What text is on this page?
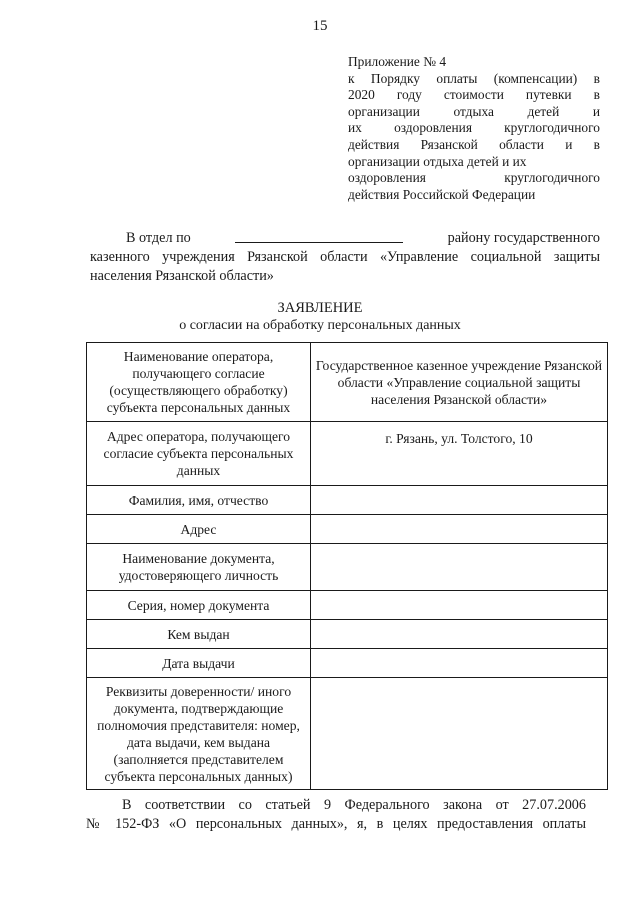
15
Приложение № 4
к Порядку оплаты (компенсации) в
2020 году стоимости путевки в
организации отдыха детей и
их оздоровления круглогодичного
действия Рязанской области и в
организации отдыха детей и их
оздоровления круглогодичного
действия Российской Федерации
В отдел по	району государственного
казенного учреждения Рязанской области «Управление социальной защиты населения Рязанской области»
ЗАЯВЛЕНИЕ
о согласии на обработку персональных данных
Наименование оператора, получающего согласие (осуществляющего обработку) субъекта персональных данных	Государственное казенное учреждение Рязанской области «Управление социальной защиты населения Рязанской области»
Адрес оператора, получающего согласие субъекта персональных данных	г. Рязань, ул. Толстого, 10
Фамилия, имя, отчество	
Адрес	
Наименование документа, удостоверяющего личность	
Серия, номер документа	
Кем выдан	
Дата выдачи	
Реквизиты доверенности/ иного документа, подтверждающие полномочия представителя: номер, дата выдачи, кем выдана (заполняется представителем субъекта персональных данных)	
В соответствии со статьей 9 Федерального закона от 27.07.2006
№ 152-ФЗ «О персональных данных», я, в целях предоставления оплаты
